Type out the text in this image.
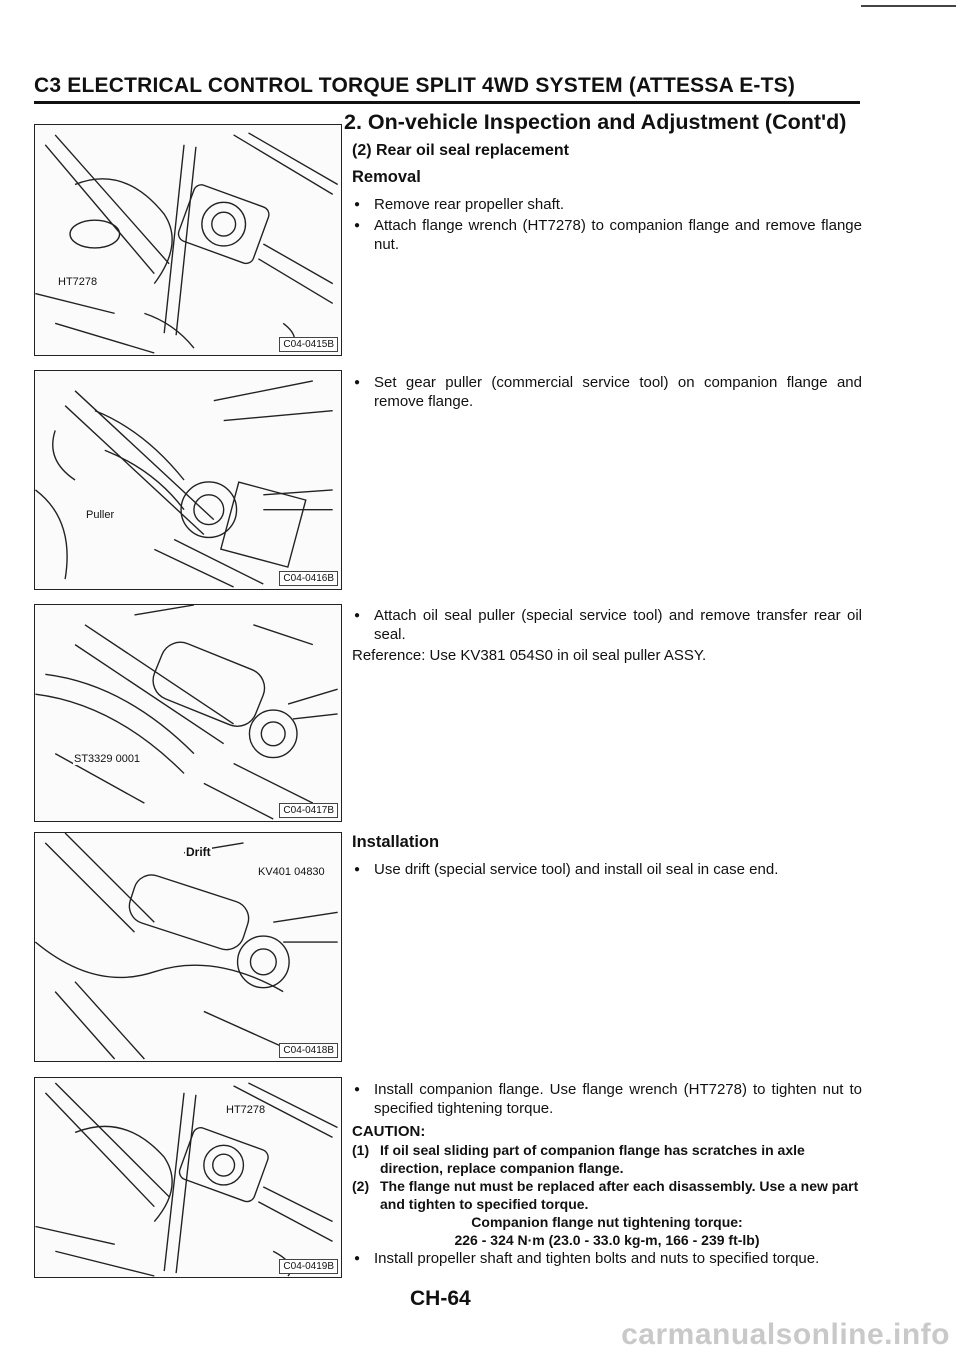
C3 ELECTRICAL CONTROL TORQUE SPLIT 4WD SYSTEM (ATTESSA E-TS)
2. On-vehicle Inspection and Adjustment (Cont'd)
HT7278
C04-0415B
Puller
C04-0416B
ST3329 0001
C04-0417B
Drift
KV401 04830
C04-0418B
HT7278
C04-0419B
(2) Rear oil seal replacement
Removal

● Remove rear propeller shaft.

● Attach flange wrench (HT7278) to companion flange and remove flange nut.

● Set gear puller (commercial service tool) on companion flange and remove flange.

● Attach oil seal puller (special service tool) and remove transfer rear oil seal.

Reference: Use KV381 054S0 in oil seal puller ASSY.

Installation

● Use drift (special service tool) and install oil seal in case end.

● Install companion flange. Use flange wrench (HT7278) to tighten nut to specified tightening torque.

CAUTION:

(1) If oil seal sliding part of companion flange has scratches in axle direction, replace companion flange.

(2) The flange nut must be replaced after each disassembly. Use a new part and tighten to specified torque.

Companion flange nut tightening torque:

226 - 324 N·m (23.0 - 33.0 kg-m, 166 - 239 ft-lb)

● Install propeller shaft and tighten bolts and nuts to specified torque.

CH-64
carmanualsonline.info
